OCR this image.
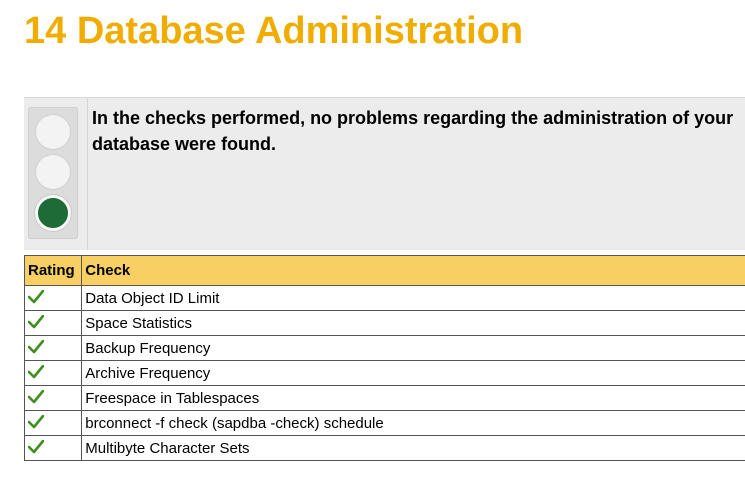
14 Database Administration

In the checks performed, no problems regarding the administration of your database were found.

Rating	Check
	Data Object ID Limit
	Space Statistics
	Backup Frequency
	Archive Frequency
	Freespace in Tablespaces
	brconnect -f check (sapdba -check) schedule
	Multibyte Character Sets
